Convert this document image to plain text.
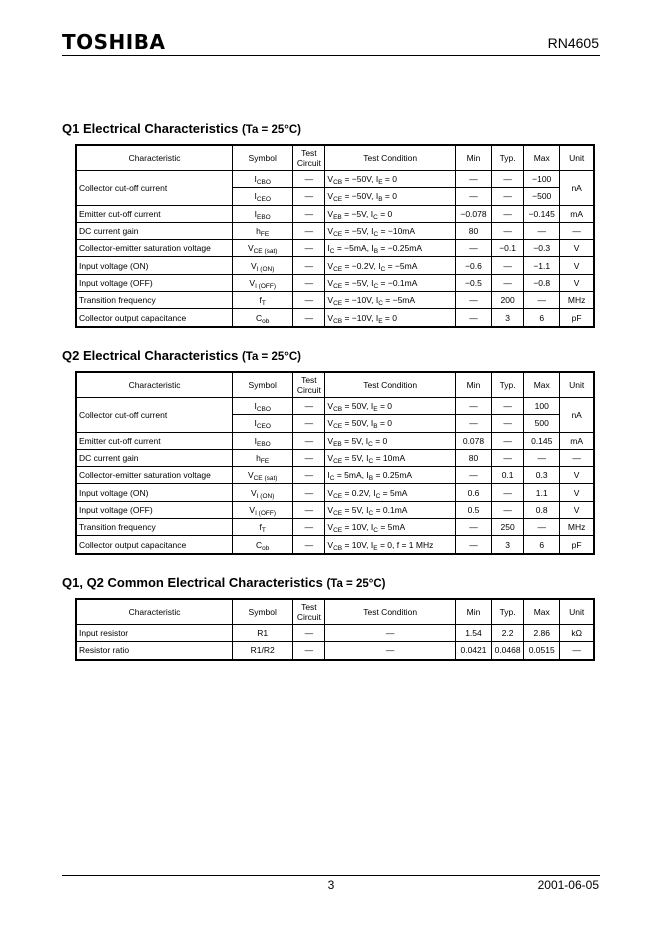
TOSHIBA	RN4605
Q1 Electrical Characteristics (Ta = 25°C)
Characteristic	Symbol	Test
Circuit	Test Condition	Min	Typ.	Max	Unit
Collector cut-off current	$I_{CBO}$	—	$V_{CB} = -50V$, $I_E = 0$	—	—	−100	nA
	$I_{CEO}$	—	$V_{CE} = -50V$, $I_B = 0$	—	—	−500	
Emitter cut-off current	$I_{EBO}$	—	$V_{EB} = -5V$, $I_C = 0$	−0.078	—	−0.145	mA
DC current gain	$h_{FE}$	—	$V_{CE} = -5V$, $I_C = -10mA$	80	—	—	—
Collector-emitter saturation voltage	$V_{CE (sat)}$	—	$I_C = -5mA$, $I_B = -0.25mA$	—	−0.1	−0.3	V
Input voltage (ON)	$V_{I (ON)}$	—	$V_{CE} = -0.2V$, $I_C = -5mA$	−0.6	—	−1.1	V
Input voltage (OFF)	$V_{I (OFF)}$	—	$V_{CE} = -5V$, $I_C = -0.1mA$	−0.5	—	−0.8	V
Transition frequency	$f_T$	—	$V_{CE} = -10V$, $I_C = -5mA$	—	200	—	MHz
Collector output capacitance	$C_{ob}$	—	$V_{CB} = -10V$, $I_E = 0$	—	3	6	pF
Q2 Electrical Characteristics (Ta = 25°C)
Characteristic	Symbol	Test
Circuit	Test Condition	Min	Typ.	Max	Unit
Collector cut-off current	$I_{CBO}$	—	$V_{CB} = 50V$, $I_E = 0$	—	—	100	nA
	$I_{CEO}$	—	$V_{CE} = 50V$, $I_B = 0$	—	—	500	
Emitter cut-off current	$I_{EBO}$	—	$V_{EB} = 5V$, $I_C = 0$	0.078	—	0.145	mA
DC current gain	$h_{FE}$	—	$V_{CE} = 5V$, $I_C = 10mA$	80	—	—	—
Collector-emitter saturation voltage	$V_{CE (sat)}$	—	$I_C = 5mA$, $I_B = 0.25mA$	—	0.1	0.3	V
Input voltage (ON)	$V_{I (ON)}$	—	$V_{CE} = 0.2V$, $I_C = 5mA$	0.6	—	1.1	V
Input voltage (OFF)	$V_{I (OFF)}$	—	$V_{CE} = 5V$, $I_C = 0.1mA$	0.5	—	0.8	V
Transition frequency	$f_T$	—	$V_{CE} = 10V$, $I_C = 5mA$	—	250	—	MHz
Collector output capacitance	$C_{ob}$	—	$V_{CB} = 10V$, $I_E = 0$, f = 1 MHz	—	3	6	pF
Q1, Q2 Common Electrical Characteristics (Ta = 25°C)
Characteristic	Symbol	Test
Circuit	Test Condition	Min	Typ.	Max	Unit
Input resistor	R1	—	—	1.54	2.2	2.86	kΩ
Resistor ratio	R1/R2	—	—	0.0421	0.0468	0.0515	—
3	2001-06-05
